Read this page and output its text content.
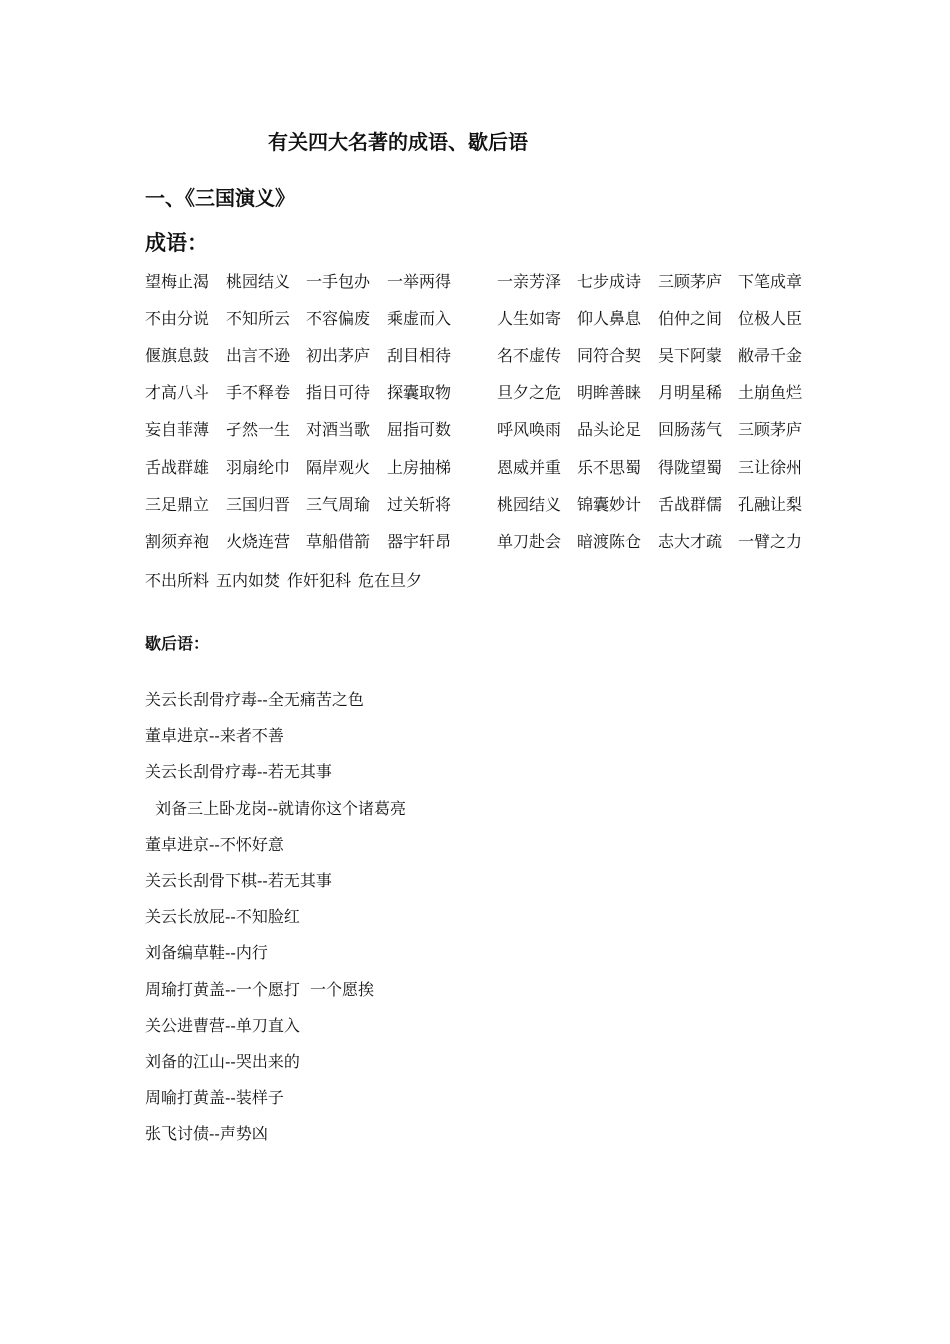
有关四大名著的成语、歇后语
一、《三国演义》
成语：
望梅止渴 桃园结义 一手包办 一举两得
不由分说 不知所云 不容偏废 乘虚而入
偃旗息鼓 出言不逊 初出茅庐 刮目相待
才高八斗 手不释卷 指日可待 探囊取物
妄自菲薄 孑然一生 对酒当歌 屈指可数
舌战群雄 羽扇纶巾 隔岸观火 上房抽梯
三足鼎立 三国归晋 三气周瑜 过关斩将
割须弃袍 火烧连营 草船借箭 器宇轩昂
一亲芳泽 七步成诗 三顾茅庐 下笔成章
人生如寄 仰人鼻息 伯仲之间 位极人臣
名不虚传 同符合契 吴下阿蒙 敝帚千金
旦夕之危 明眸善睐 月明星稀 土崩鱼烂
呼风唤雨 品头论足 回肠荡气 三顾茅庐
恩威并重 乐不思蜀 得陇望蜀 三让徐州
桃园结义 锦囊妙计 舌战群儒 孔融让梨
单刀赴会 暗渡陈仓 志大才疏 一臂之力
不出所料 五内如焚 作奸犯科 危在旦夕
歇后语：
关云长刮骨疗毒--全无痛苦之色
董卓进京--来者不善
关云长刮骨疗毒--若无其事
刘备三上卧龙岗--就请你这个诸葛亮
董卓进京--不怀好意
关云长刮骨下棋--若无其事
关云长放屁--不知脸红
刘备编草鞋--内行
周瑜打黄盖--一个愿打  一个愿挨
关公进曹营--单刀直入
刘备的江山--哭出来的
周喻打黄盖--装样子
张飞讨债--声势凶
